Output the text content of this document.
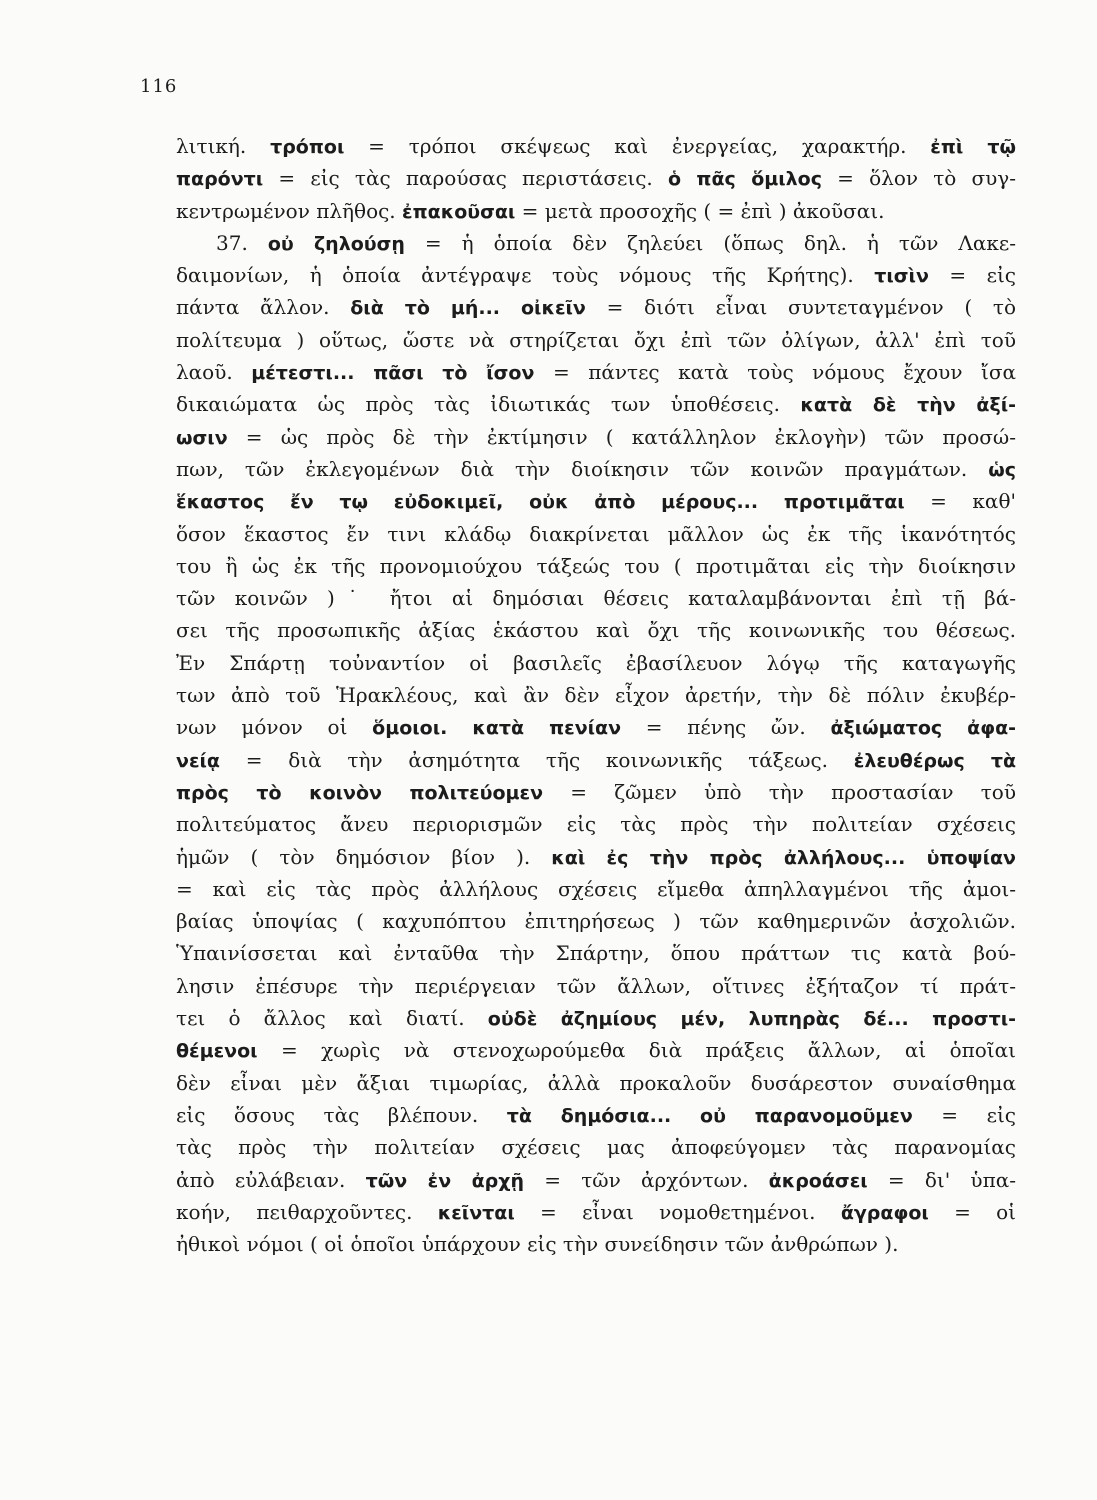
116
λιτική. τρόποι = τρόποι σκέψεως καὶ ἐνεργείας, χαρακτήρ. ἐπὶ τῷ
παρόντι = εἰς τὰς παρούσας περιστάσεις. ὁ πᾶς ὅμιλος = ὅλον τὸ συγ-
κεντρωμένον πλῆθος. ἐπακοῦσαι = μετὰ προσοχῆς ( = ἐπὶ ) ἀκοῦσαι.
37. οὐ ζηλούσῃ = ἡ ὁποία δὲν ζηλεύει (ὅπως δηλ. ἡ τῶν Λακε-
δαιμονίων, ἡ ὁποία ἀντέγραψε τοὺς νόμους τῆς Κρήτης). τισὶν = εἰς
πάντα ἄλλον. διὰ τὸ μή... οἰκεῖν = διότι εἶναι συντεταγμένον ( τὸ
πολίτευμα ) οὕτως, ὥστε νὰ στηρίζεται ὄχι ἐπὶ τῶν ὀλίγων, ἀλλ' ἐπὶ τοῦ
λαοῦ. μέτεστι... πᾶσι τὸ ἴσον = πάντες κατὰ τοὺς νόμους ἔχουν ἴσα
δικαιώματα ὡς πρὸς τὰς ἰδιωτικάς των ὑποθέσεις. κατὰ δὲ τὴν ἀξί-
ωσιν = ὡς πρὸς δὲ τὴν ἐκτίμησιν ( κατάλληλον ἐκλογὴν) τῶν προσώ-
πων, τῶν ἐκλεγομένων διὰ τὴν διοίκησιν τῶν κοινῶν πραγμάτων. ὡς
ἕκαστος ἔν τῳ εὐδοκιμεῖ, οὐκ ἀπὸ μέρους... προτιμᾶται = καθ'
ὅσον ἕκαστος ἔν τινι κλάδῳ διακρίνεται μᾶλλον ὡς ἐκ τῆς ἱκανότητός
του ἢ ὡς ἐκ τῆς προνομιούχου τάξεώς του ( προτιμᾶται εἰς τὴν διοίκησιν
τῶν κοινῶν )˙ ἤτοι αἱ δημόσιαι θέσεις καταλαμβάνονται ἐπὶ τῇ βά-
σει τῆς προσωπικῆς ἀξίας ἑκάστου καὶ ὄχι τῆς κοινωνικῆς του θέσεως.
Ἐν Σπάρτῃ τοὐναντίον οἱ βασιλεῖς ἐβασίλευον λόγῳ τῆς καταγωγῆς
των ἀπὸ τοῦ Ἡρακλέους, καὶ ἂν δὲν εἶχον ἀρετήν, τὴν δὲ πόλιν ἐκυβέρ-
νων μόνον οἱ ὅμοιοι. κατὰ πενίαν = πένης ὤν. ἀξιώματος ἀφα-
νείᾳ = διὰ τὴν ἀσημότητα τῆς κοινωνικῆς τάξεως. ἐλευθέρως τὰ
πρὸς τὸ κοινὸν πολιτεύομεν = ζῶμεν ὑπὸ τὴν προστασίαν τοῦ
πολιτεύματος ἄνευ περιορισμῶν εἰς τὰς πρὸς τὴν πολιτείαν σχέσεις
ἡμῶν ( τὸν δημόσιον βίον ). καὶ ἐς τὴν πρὸς ἀλλήλους... ὑποψίαν
= καὶ εἰς τὰς πρὸς ἀλλήλους σχέσεις εἴμεθα ἀπηλλαγμένοι τῆς ἀμοι-
βαίας ὑποψίας ( καχυπόπτου ἐπιτηρήσεως ) τῶν καθημερινῶν ἀσχολιῶν.
Ὑπαινίσσεται καὶ ἐνταῦθα τὴν Σπάρτην, ὅπου πράττων τις κατὰ βού-
λησιν ἐπέσυρε τὴν περιέργειαν τῶν ἄλλων, οἵτινες ἐξήταζον τί πράτ-
τει ὁ ἄλλος καὶ διατί. οὐδὲ ἀζημίους μέν, λυπηρὰς δέ... προστι-
θέμενοι = χωρὶς νὰ στενοχωρούμεθα διὰ πράξεις ἄλλων, αἱ ὁποῖαι
δὲν εἶναι μὲν ἄξιαι τιμωρίας, ἀλλὰ προκαλοῦν δυσάρεστον συναίσθημα
εἰς ὅσους τὰς βλέπουν. τὰ δημόσια... οὐ παρανομοῦμεν = εἰς
τὰς πρὸς τὴν πολιτείαν σχέσεις μας ἀποφεύγομεν τὰς παρανομίας
ἀπὸ εὐλάβειαν. τῶν ἐν ἀρχῇ = τῶν ἀρχόντων. ἀκροάσει = δι' ὑπα-
κοήν, πειθαρχοῦντες. κεῖνται = εἶναι νομοθετημένοι. ἄγραφοι = οἱ
ἠθικοὶ νόμοι ( οἱ ὁποῖοι ὑπάρχουν εἰς τὴν συνείδησιν τῶν ἀνθρώπων ).
